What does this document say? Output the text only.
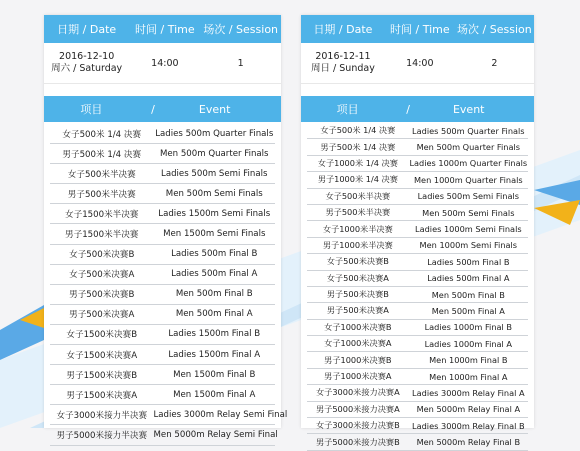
日期 / Date	时间 / Time 场次 / Session
2016-12-10
周六 / Saturday	14:00	1
项目	/	Event
女子500米 1/4 决赛	Ladies 500m Quarter Finals
男子500米 1/4 决赛	Men 500m Quarter Finals
女子500米半决赛	Ladies 500m Semi Finals
男子500米半决赛	Men 500m Semi Finals
女子1500米半决赛	Ladies 1500m Semi Finals
男子1500米半决赛	Men 1500m Semi Finals
女子500米决赛B	Ladies 500m Final B
女子500米决赛A	Ladies 500m Final A
男子500米决赛B	Men 500m Final B
男子500米决赛A	Men 500m Final A
女子1500米决赛B	Ladies 1500m Final B
女子1500米决赛A	Ladies 1500m Final A
男子1500米决赛B	Men 1500m Final B
男子1500米决赛A	Men 1500m Final A
女子3000米接力半决赛 Ladies 3000m Relay Semi Final
男子5000米接力半决赛 Men 5000m Relay Semi Final
日期 / Date	时间 / Time 场次 / Session
2016-12-11
周日 / Sunday	14:00	2
项目	/	Event
女子500米 1/4 决赛	Ladies 500m Quarter Finals
男子500米 1/4 决赛	Men 500m Quarter Finals
女子1000米 1/4 决赛	Ladies 1000m Quarter Finals
男子1000米 1/4 决赛	Men 1000m Quarter Finals
女子500米半决赛	Ladies 500m Semi Finals
男子500米半决赛	Men 500m Semi Finals
女子1000米半决赛	Ladies 1000m Semi Finals
男子1000米半决赛	Men 1000m Semi Finals
女子500米决赛B	Ladies 500m Final B
女子500米决赛A	Ladies 500m Final A
男子500米决赛B	Men 500m Final B
男子500米决赛A	Men 500m Final A
女子1000米决赛B	Ladies 1000m Final B
女子1000米决赛A	Ladies 1000m Final A
男子1000米决赛B	Men 1000m Final B
男子1000米决赛A	Men 1000m Final A
女子3000米接力决赛A	Ladies 3000m Relay Final A
男子5000米接力决赛A	Men 5000m Relay Final A
女子3000米接力决赛B	Ladies 3000m Relay Final B
男子5000米接力决赛B	Men 5000m Relay Final B
